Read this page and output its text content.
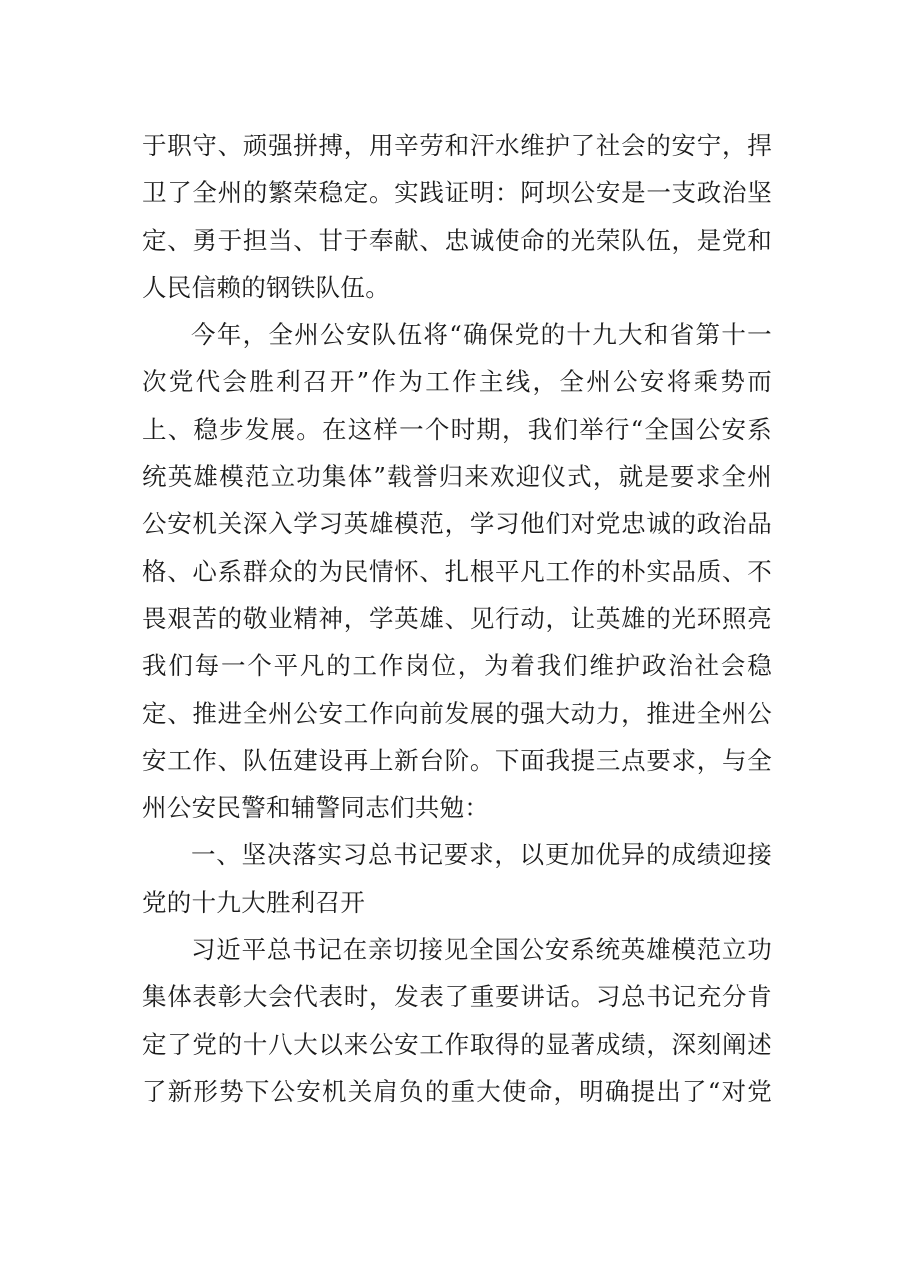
于职守、顽强拼搏，用辛劳和汗水维护了社会的安宁，捍
卫了全州的繁荣稳定。实践证明：阿坝公安是一支政治坚
定、勇于担当、甘于奉献、忠诚使命的光荣队伍，是党和
人民信赖的钢铁队伍。
今年，全州公安队伍将“确保党的十九大和省第十一
次党代会胜利召开”作为工作主线，全州公安将乘势而
上、稳步发展。在这样一个时期，我们举行“全国公安系
统英雄模范立功集体”载誉归来欢迎仪式，就是要求全州
公安机关深入学习英雄模范，学习他们对党忠诚的政治品
格、心系群众的为民情怀、扎根平凡工作的朴实品质、不
畏艰苦的敬业精神，学英雄、见行动，让英雄的光环照亮
我们每一个平凡的工作岗位，为着我们维护政治社会稳
定、推进全州公安工作向前发展的强大动力，推进全州公
安工作、队伍建设再上新台阶。下面我提三点要求，与全
州公安民警和辅警同志们共勉：
一、坚决落实习总书记要求，以更加优异的成绩迎接
党的十九大胜利召开
习近平总书记在亲切接见全国公安系统英雄模范立功
集体表彰大会代表时，发表了重要讲话。习总书记充分肯
定了党的十八大以来公安工作取得的显著成绩，深刻阐述
了新形势下公安机关肩负的重大使命，明确提出了“对党
